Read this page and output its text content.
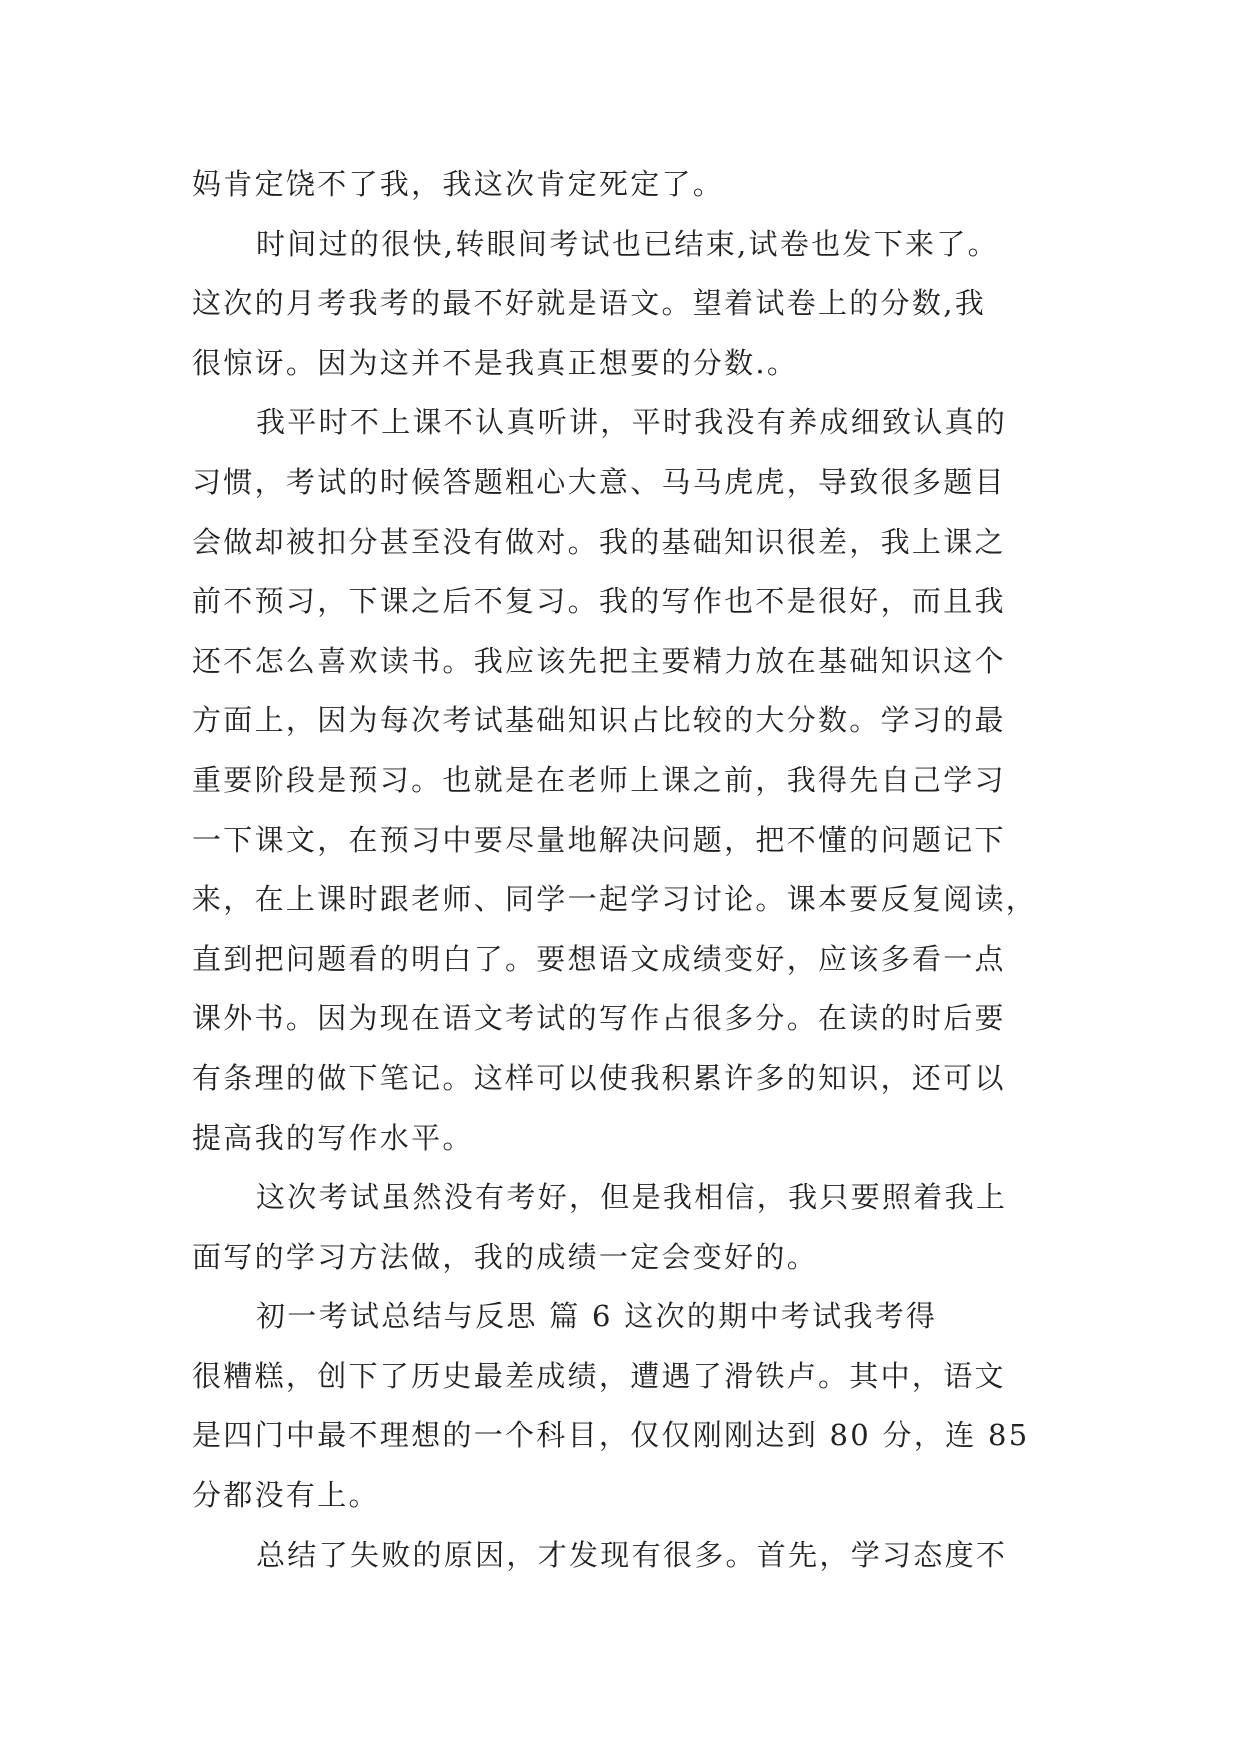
妈肯定饶不了我，我这次肯定死定了。
时间过的很快,转眼间考试也已结束,试卷也发下来了。
这次的月考我考的最不好就是语文。望着试卷上的分数,我
很惊讶。因为这并不是我真正想要的分数.。
我平时不上课不认真听讲，平时我没有养成细致认真的
习惯，考试的时候答题粗心大意、马马虎虎，导致很多题目
会做却被扣分甚至没有做对。我的基础知识很差，我上课之
前不预习，下课之后不复习。我的写作也不是很好，而且我
还不怎么喜欢读书。我应该先把主要精力放在基础知识这个
方面上，因为每次考试基础知识占比较的大分数。学习的最
重要阶段是预习。也就是在老师上课之前，我得先自己学习
一下课文，在预习中要尽量地解决问题，把不懂的问题记下
来，在上课时跟老师、同学一起学习讨论。课本要反复阅读，
直到把问题看的明白了。要想语文成绩变好，应该多看一点
课外书。因为现在语文考试的写作占很多分。在读的时后要
有条理的做下笔记。这样可以使我积累许多的知识，还可以
提高我的写作水平。
这次考试虽然没有考好，但是我相信，我只要照着我上
面写的学习方法做，我的成绩一定会变好的。
初一考试总结与反思 篇 6 这次的期中考试我考得
很糟糕，创下了历史最差成绩，遭遇了滑铁卢。其中，语文
是四门中最不理想的一个科目，仅仅刚刚达到 80 分，连 85
分都没有上。
总结了失败的原因，才发现有很多。首先，学习态度不
